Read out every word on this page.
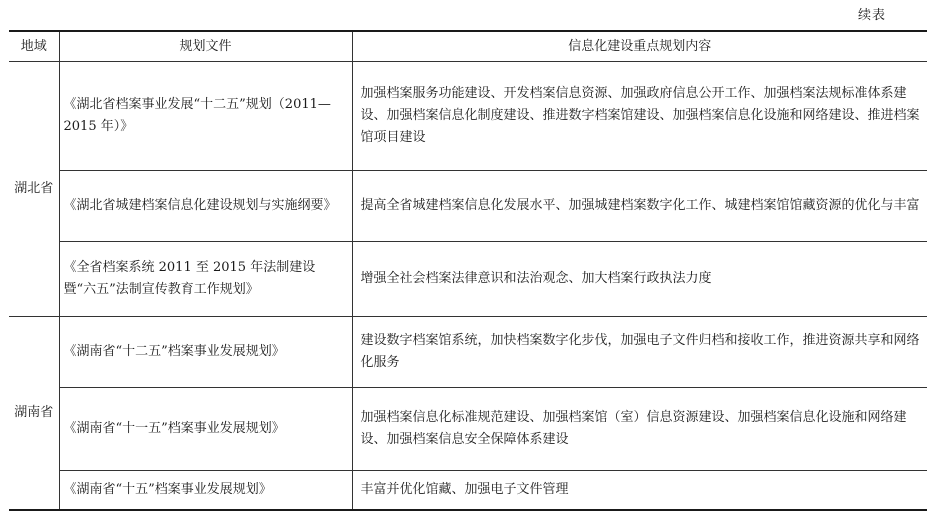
续表
地域	规划文件	信息化建设重点规划内容
湖北省	《湖北省档案事业发展“十二五”规划（2011—2015 年）》	加强档案服务功能建设、开发档案信息资源、加强政府信息公开工作、加强档案法规标准体系建设、加强档案信息化制度建设、推进数字档案馆建设、加强档案信息化设施和网络建设、推进档案馆项目建设
	《湖北省城建档案信息化建设规划与实施纲要》	提高全省城建档案信息化发展水平、加强城建档案数字化工作、城建档案馆馆藏资源的优化与丰富
	《全省档案系统 2011 至 2015 年法制建设暨“六五”法制宣传教育工作规划》	增强全社会档案法律意识和法治观念、加大档案行政执法力度
湖南省	《湖南省“十二五”档案事业发展规划》	建设数字档案馆系统，加快档案数字化步伐，加强电子文件归档和接收工作，推进资源共享和网络化服务
	《湖南省“十一五”档案事业发展规划》	加强档案信息化标准规范建设、加强档案馆（室）信息资源建设、加强档案信息化设施和网络建设、加强档案信息安全保障体系建设
	《湖南省“十五”档案事业发展规划》	丰富并优化馆藏、加强电子文件管理
